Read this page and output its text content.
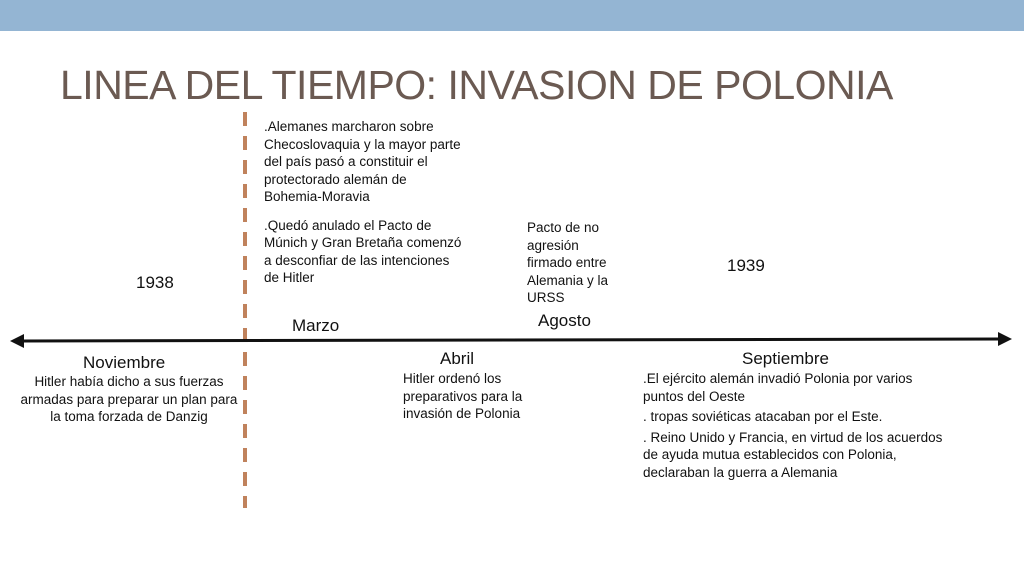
LINEA DEL TIEMPO: INVASION DE POLONIA
1938
1939

.Alemanes marcharon sobre Checoslovaquia y la mayor parte del país pasó a constituir el protectorado alemán de Bohemia-Moravia

.Quedó anulado el Pacto de Múnich y Gran Bretaña comenzó a desconfiar de las intenciones de Hitler

Marzo
Pacto de no agresión firmado entre Alemania y la URSS
Agosto
Noviembre
Hitler había dicho a sus fuerzas armadas para preparar un plan para la toma forzada de Danzig
Abril
Hitler ordenó los preparativos para la invasión de Polonia
Septiembre

.El ejército alemán invadió Polonia por varios puntos del Oeste

. tropas soviéticas atacaban por el Este.

. Reino Unido y Francia, en virtud de los acuerdos de ayuda mutua establecidos con Polonia, declaraban la guerra a Alemania
